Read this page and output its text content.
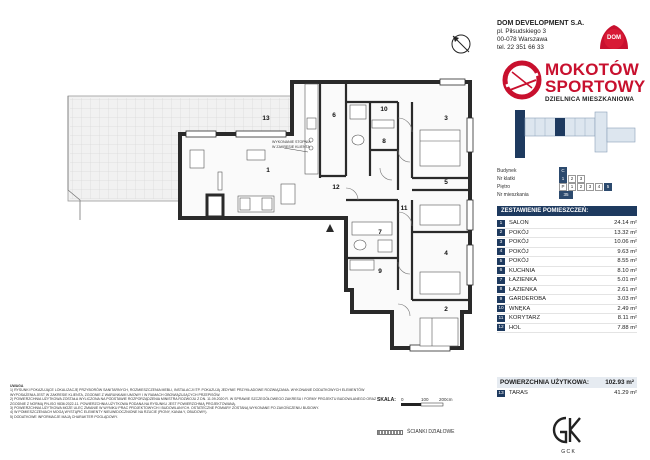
13
1
6
10
8
3
5
12
11
7
4
9
2
WYKONANIE STOPNIA
W ZAKRESIE KLIENTA
DOM DEVELOPMENT S.A.
pl. Piłsudskiego 3
00-078 Warszawa
tel. 22 351 66 33
DOM
MOKOTÓW
SPORTOWY
DZIELNICA MIESZKANIOWA
Budynek	C
Nr klatki	1 2 3
Piętro	P 1 2 3 4 5
Nr mieszkania	35
ZESTAWIENIE POMIESZCZEŃ:
1	SALON	24.14 m²
2	POKÓJ	13.32 m²
3	POKÓJ	10.06 m²
4	POKÓJ	9.63 m²
5	POKÓJ	8.55 m²
6	KUCHNIA	8.10 m²
7	ŁAZIENKA	5.01 m²
8	ŁAZIENKA	2.61 m²
9	GARDEROBA	3.03 m²
10 WNĘKA	2.49 m²
11 KORYTARZ	8.11 m²
12 HOL	7.88 m²
POWIERZCHNIA UŻYTKOWA:	102.93 m²
13 TARAS	41.29 m²
G C K
UWAGA
1) RYSUNKI POKAZUJĄCE LOKALIZACJĘ PRZYBORÓW SANITARNYCH, ROZMIESZCZENIA MEBLI, INSTALACJI ITP. POKAZUJĄ JEDYNIE PRZYKŁADOWE ROZWIĄZANIA. WYKONANIE DODATKOWYCH ELEMENTÓW WYPOSAŻENIA JEST W ZAKRESIE KLIENTA, ZGODNIE Z WARUNKAMI UMOWY I W RAMACH OBOWIĄZUJĄCYCH PRZEPISÓW.
2) POWIERZCHNIA UŻYTKOWA ZOSTAŁA WYLICZONA NA PODSTAWIE ROZPORZĄDZENIA MINISTRA ROZWOJU Z DN. 11.09.2020 R. W SPRAWIE SZCZEGÓŁOWEGO ZAKRESU I FORMY PROJEKTU BUDOWLANEGO ORAZ ZGODNIE Z NORMĄ PN-ISO 9836:2022-11. POWIERZCHNIA UŻYTKOWA PODANA NA RYSUNKU JEST POWIERZCHNIĄ PROJEKTOWANĄ.
3) POWIERZCHNIA UŻYTKOWA MOŻE ULEC ZMIANIE W WYNIKU PRAC PROJEKTOWYCH I BUDOWLANYCH. OSTATECZNE POMIARY ZOSTANĄ WYKONANE PO ZAKOŃCZENIU BUDOWY.
4) W POMIESZCZENIACH MOGĄ WYSTĄPIĆ ELEMENTY NIEUWIDOCZNIONE NA RZUCIE (PIONY, KANAŁY, OBUDOWY).
5) DODATKOWE INFORMACJE MAJĄ CHARAKTER POGLĄDOWY.
SKALA: 0	100 200cm
ŚCIANKI DZIAŁOWE
